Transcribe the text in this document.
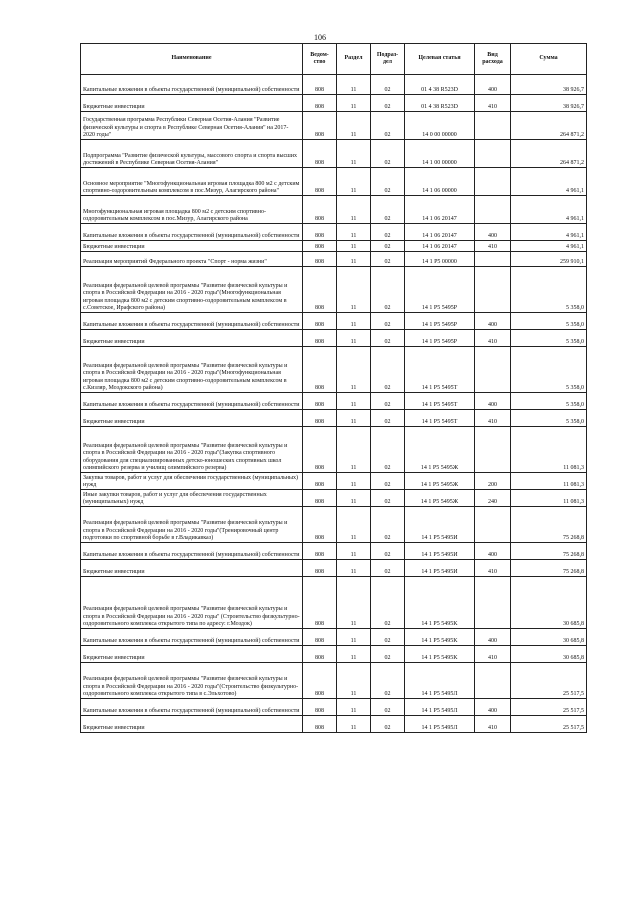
106
Наименование	Ведом-ство	Раздел	Подраз-дел	Целевая статья	Вид расхода	Сумма
Капитальные вложения в объекты государственной (муниципальной) собственности	808	11	02	01 4 38 R523D	400	38 926,7
Бюджетные инвестиции	808	11	02	01 4 38 R523D	410	38 926,7
Государственная программа Республики Северная Осетия-Алания "Развитие физической культуры и спорта в Республике Северная Осетия-Алания" на 2017-2020 годы"	808	11	02	14 0 00 00000		264 871,2
Подпрограмма "Развитие физической культуры, массового спорта и спорта высших достижений в Республике Северная Осетия-Алания"	808	11	02	14 1 00 00000		264 871,2
Основное мероприятие "Многофункциональная игровая площадка 800 м2 с детским спортивно-оздоровительным комплексом в пос.Мизур, Алагирского района"	808	11	02	14 1 06 00000		4 961,1
Многофункциональная игровая площадка 800 м2 с детским спортивно-оздоровительным комплексом в пос.Мизур, Алагирского района	808	11	02	14 1 06 20147		4 961,1
Капитальные вложения в объекты государственной (муниципальной) собственности	808	11	02	14 1 06 20147	400	4 961,1
Бюджетные инвестиции	808	11	02	14 1 06 20147	410	4 961,1
Реализация мероприятий Федерального проекта "Спорт - норма жизни"	808	11	02	14 1 P5 00000		259 910,1
Реализация федеральной целевой программы "Развитие физической культуры и спорта в Российской Федерации на 2016 - 2020 годы"(Многофункциональная игровая площадка 800 м2 с детским спортивно-оздоровительным комплексом в с.Советское, Ирафского района)	808	11	02	14 1 P5 5495P		5 358,0
Капитальные вложения в объекты государственной (муниципальной) собственности	808	11	02	14 1 P5 5495P	400	5 358,0
Бюджетные инвестиции	808	11	02	14 1 P5 5495P	410	5 358,0
Реализация федеральной целевой программы "Развитие физической культуры и спорта в Российской Федерации на 2016 - 2020 годы"(Многофункциональная игровая площадка 800 м2 с детским спортивно-оздоровительным комплексом в с.Кизляр, Моздокского района)	808	11	02	14 1 P5 5495T		5 358,0
Капитальные вложения в объекты государственной (муниципальной) собственности	808	11	02	14 1 P5 5495T	400	5 358,0
Бюджетные инвестиции	808	11	02	14 1 P5 5495T	410	5 358,0
Реализация федеральной целевой программы "Развитие физической культуры и спорта в Российской Федерации на 2016 - 2020 годы"(Закупка спортивного оборудования для специализированных детско-юношеских спортивных школ олимпийского резерва и училищ олимпийского резерва)	808	11	02	14 1 P5 5495Ж		11 081,3
Закупка товаров, работ и услуг для обеспечения государственных (муниципальных) нужд	808	11	02	14 1 P5 5495Ж	200	11 081,3
Иные закупки товаров, работ и услуг для обеспечения государственных (муниципальных) нужд	808	11	02	14 1 P5 5495Ж	240	11 081,3
Реализация федеральной целевой программы "Развитие физической культуры и спорта в Российской Федерации на 2016 - 2020 годы"(Тренировочный центр подготовки по спортивной борьбе в г.Владикавказ)	808	11	02	14 1 P5 5495И		75 268,8
Капитальные вложения в объекты государственной (муниципальной) собственности	808	11	02	14 1 P5 5495И	400	75 268,8
Бюджетные инвестиции	808	11	02	14 1 P5 5495И	410	75 268,8
Реализация федеральной целевой программы "Развитие физической культуры и спорта в Российской Федерации на 2016 - 2020 годы" (Строительство физкультурно-оздоровительного комплекса открытого типа по адресу: г.Моздок)	808	11	02	14 1 P5 5495K		30 685,8
Капитальные вложения в объекты государственной (муниципальной) собственности	808	11	02	14 1 P5 5495K	400	30 685,8
Бюджетные инвестиции	808	11	02	14 1 P5 5495K	410	30 685,8
Реализация федеральной целевой программы "Развитие физической культуры и спорта в Российской Федерации на 2016 - 2020 годы"(Строительство физкультурно-оздоровительного комплекса открытого типа в с.Эльхотово)	808	11	02	14 1 P5 5495Л		25 517,5
Капитальные вложения в объекты государственной (муниципальной) собственности	808	11	02	14 1 P5 5495Л	400	25 517,5
Бюджетные инвестиции	808	11	02	14 1 P5 5495Л	410	25 517,5
